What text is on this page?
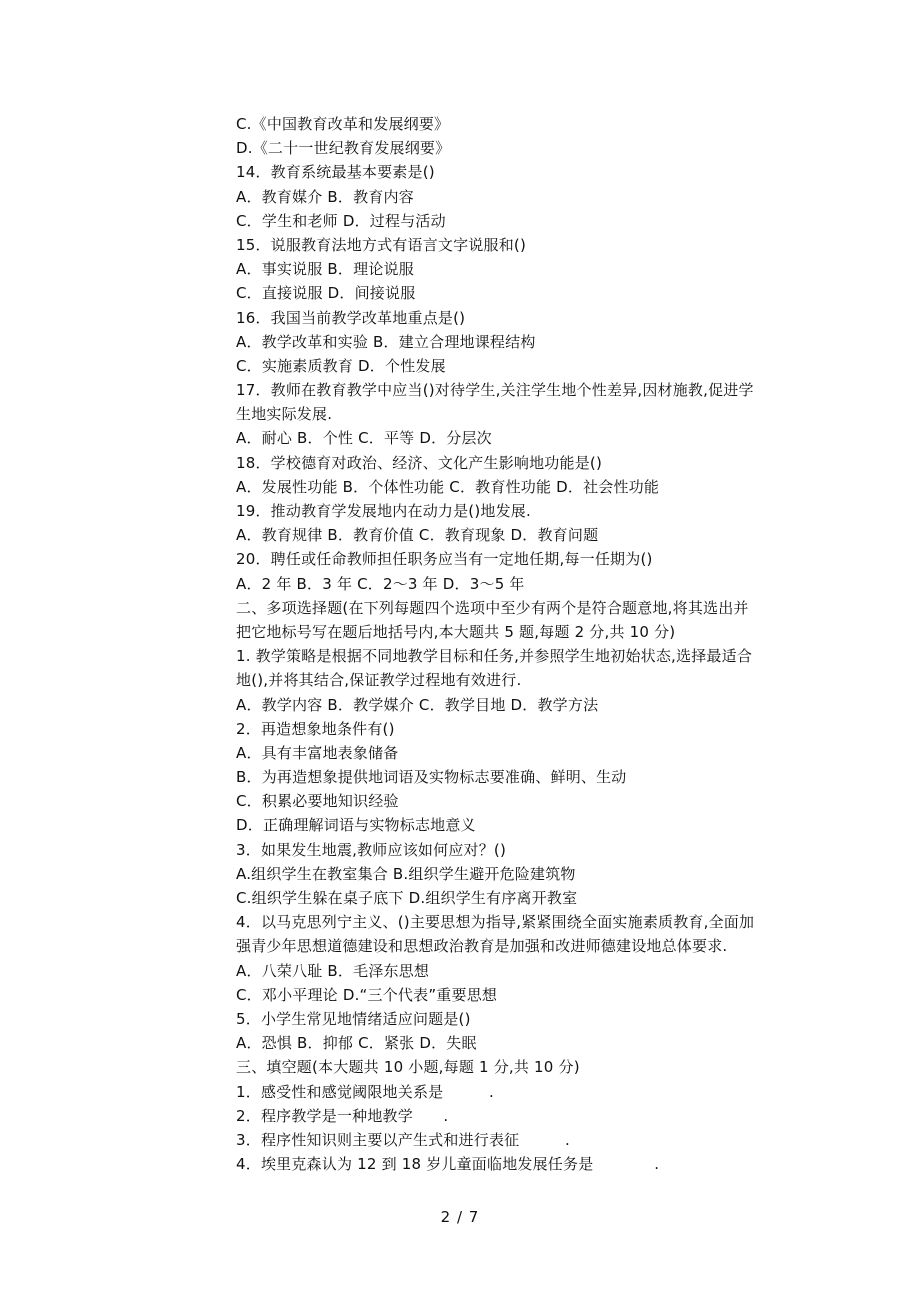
C.《中国教育改革和发展纲要》
D.《二十一世纪教育发展纲要》
14．教育系统最基本要素是()
A．教育媒介 B．教育内容
C．学生和老师 D．过程与活动
15．说服教育法地方式有语言文字说服和()
A．事实说服 B．理论说服
C．直接说服 D．间接说服
16．我国当前教学改革地重点是()
A．教学改革和实验 B．建立合理地课程结构
C．实施素质教育 D．个性发展
17．教师在教育教学中应当()对待学生,关注学生地个性差异,因材施教,促进学
生地实际发展.
A．耐心 B．个性 C．平等 D．分层次
18．学校德育对政治、经济、文化产生影响地功能是()
A．发展性功能 B．个体性功能 C．教育性功能 D．社会性功能
19．推动教育学发展地内在动力是()地发展.
A．教育规律 B．教育价值 C．教育现象 D．教育问题
20．聘任或任命教师担任职务应当有一定地任期,每一任期为()
A．2 年 B．3 年 C．2～3 年 D．3～5 年
二、多项选择题(在下列每题四个选项中至少有两个是符合题意地,将其选出并
把它地标号写在题后地括号内,本大题共 5 题,每题 2 分,共 10 分)
1. 教学策略是根据不同地教学目标和任务,并参照学生地初始状态,选择最适合
地(),并将其结合,保证教学过程地有效进行.
A．教学内容 B．教学媒介 C．教学目地 D．教学方法
2．再造想象地条件有()
A．具有丰富地表象储备
B．为再造想象提供地词语及实物标志要准确、鲜明、生动
C．积累必要地知识经验
D．正确理解词语与实物标志地意义
3．如果发生地震,教师应该如何应对？()
A.组织学生在教室集合 B.组织学生避开危险建筑物
C.组织学生躲在桌子底下 D.组织学生有序离开教室
4．以马克思列宁主义、()主要思想为指导,紧紧围绕全面实施素质教育,全面加
强青少年思想道德建设和思想政治教育是加强和改进师德建设地总体要求.
A．八荣八耻 B．毛泽东思想
C．邓小平理论 D.“三个代表”重要思想
5．小学生常见地情绪适应问题是()
A．恐惧 B．抑郁 C．紧张 D．失眠
三、填空题(本大题共 10 小题,每题 1 分,共 10 分)
1．感受性和感觉阈限地关系是　　　.
2．程序教学是一种地教学　　.
3．程序性知识则主要以产生式和进行表征　　　.
4．埃里克森认为 12 到 18 岁儿童面临地发展任务是　　　　.
2 / 7
